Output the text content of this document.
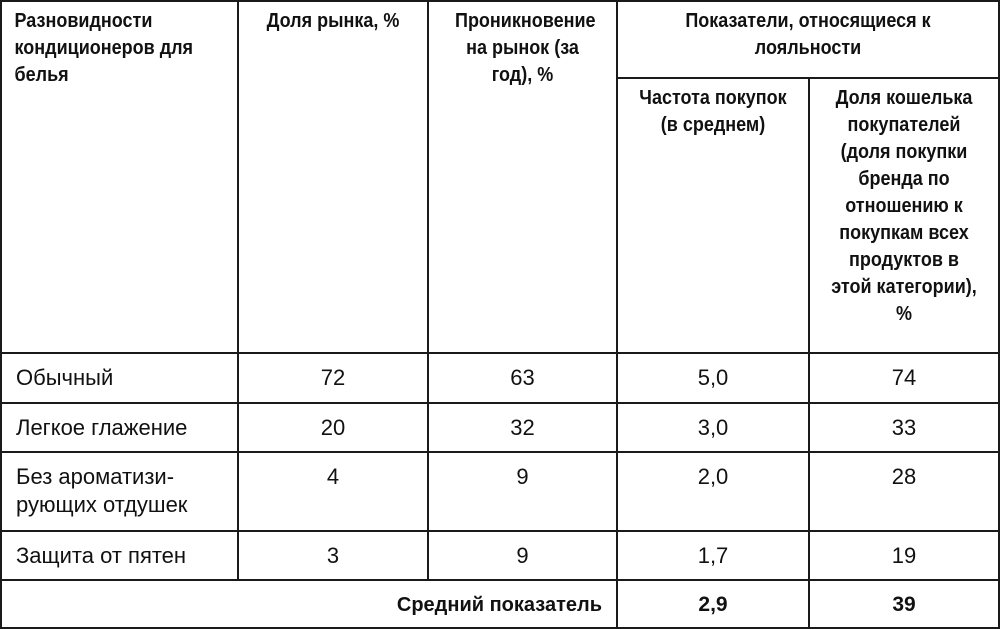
Разновидности кондиционеров для белья	Доля рынка, %	Проникновение на рынок (за год), %	Показатели, относящиеся к лояльности	

			Частота покупок (в среднем)	Доля кошелька покупателей (доля покупки бренда по отношению к покупкам всех продуктов в этой категории), %

Обычный	72	63	5,0	74
Легкое глажение	20	32	3,0	33

Без ароматизи-рующих отдушек	4	9	2,0	28
Защита от пятен	3	9	1,7	19
Средний показатель			2,9	39
